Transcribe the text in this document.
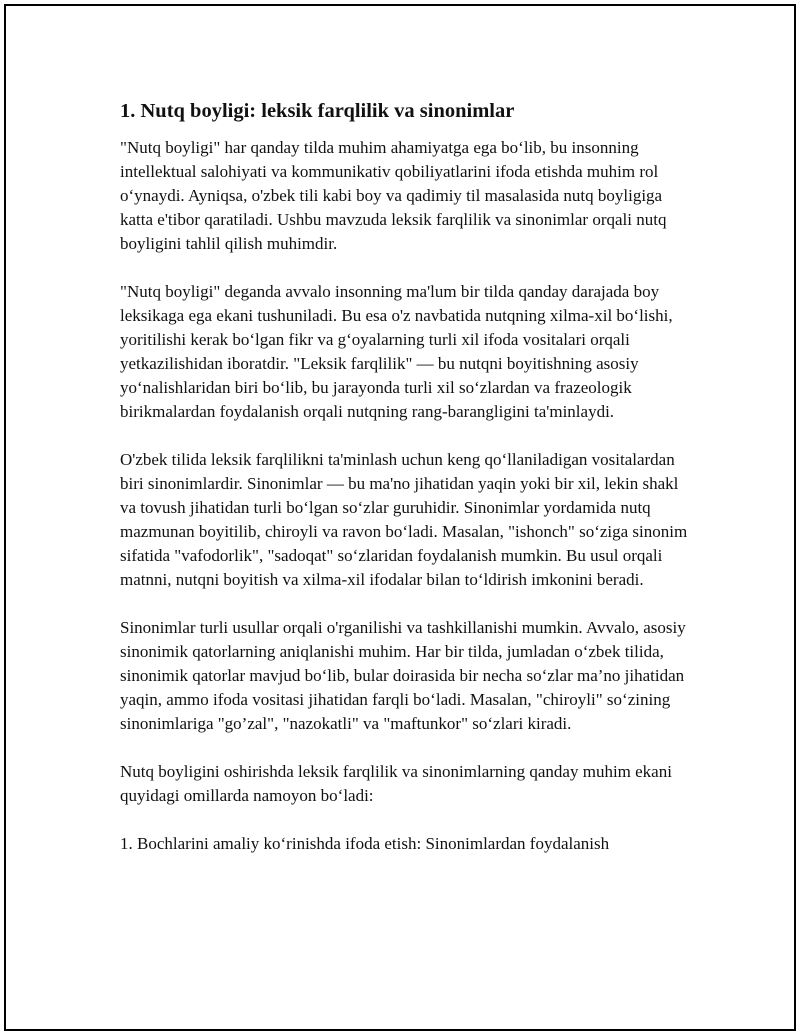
1. Nutq boyligi: leksik farqlilik va sinonimlar

"Nutq boyligi" har qanday tilda muhim ahamiyatga ega bo‘lib, bu insonning intellektual salohiyati va kommunikativ qobiliyatlarini ifoda etishda muhim rol o‘ynaydi. Ayniqsa, o'zbek tili kabi boy va qadimiy til masalasida nutq boyligiga katta e'tibor qaratiladi. Ushbu mavzuda leksik farqlilik va sinonimlar orqali nutq boyligini tahlil qilish muhimdir.

"Nutq boyligi" deganda avvalo insonning ma'lum bir tilda qanday darajada boy leksikaga ega ekani tushuniladi. Bu esa o'z navbatida nutqning xilma-xil bo‘lishi, yoritilishi kerak bo‘lgan fikr va g‘oyalarning turli xil ifoda vositalari orqali yetkazilishidan iboratdir. "Leksik farqlilik" — bu nutqni boyitishning asosiy yo‘nalishlaridan biri bo‘lib, bu jarayonda turli xil so‘zlardan va frazeologik birikmalardan foydalanish orqali nutqning rang-barangligini ta'minlaydi.

O'zbek tilida leksik farqlilikni ta'minlash uchun keng qo‘llaniladigan vositalardan biri sinonimlardir. Sinonimlar — bu ma'no jihatidan yaqin yoki bir xil, lekin shakl va tovush jihatidan turli bo‘lgan so‘zlar guruhidir. Sinonimlar yordamida nutq mazmunan boyitilib, chiroyli va ravon bo‘ladi. Masalan, "ishonch" so‘ziga sinonim sifatida "vafodorlik", "sadoqat" so‘zlaridan foydalanish mumkin. Bu usul orqali matnni, nutqni boyitish va xilma-xil ifodalar bilan to‘ldirish imkonini beradi.

Sinonimlar turli usullar orqali o'rganilishi va tashkillanishi mumkin. Avvalo, asosiy sinonimik qatorlarning aniqlanishi muhim. Har bir tilda, jumladan o‘zbek tilida, sinonimik qatorlar mavjud bo‘lib, bular doirasida bir necha so‘zlar ma’no jihatidan yaqin, ammo ifoda vositasi jihatidan farqli bo‘ladi. Masalan, "chiroyli" so‘zining sinonimlariga "go’zal", "nazokatli" va "maftunkor" so‘zlari kiradi.

Nutq boyligini oshirishda leksik farqlilik va sinonimlarning qanday muhim ekani quyidagi omillarda namoyon bo‘ladi:

1. Bochlarini amaliy ko‘rinishda ifoda etish: Sinonimlardan foydalanish
